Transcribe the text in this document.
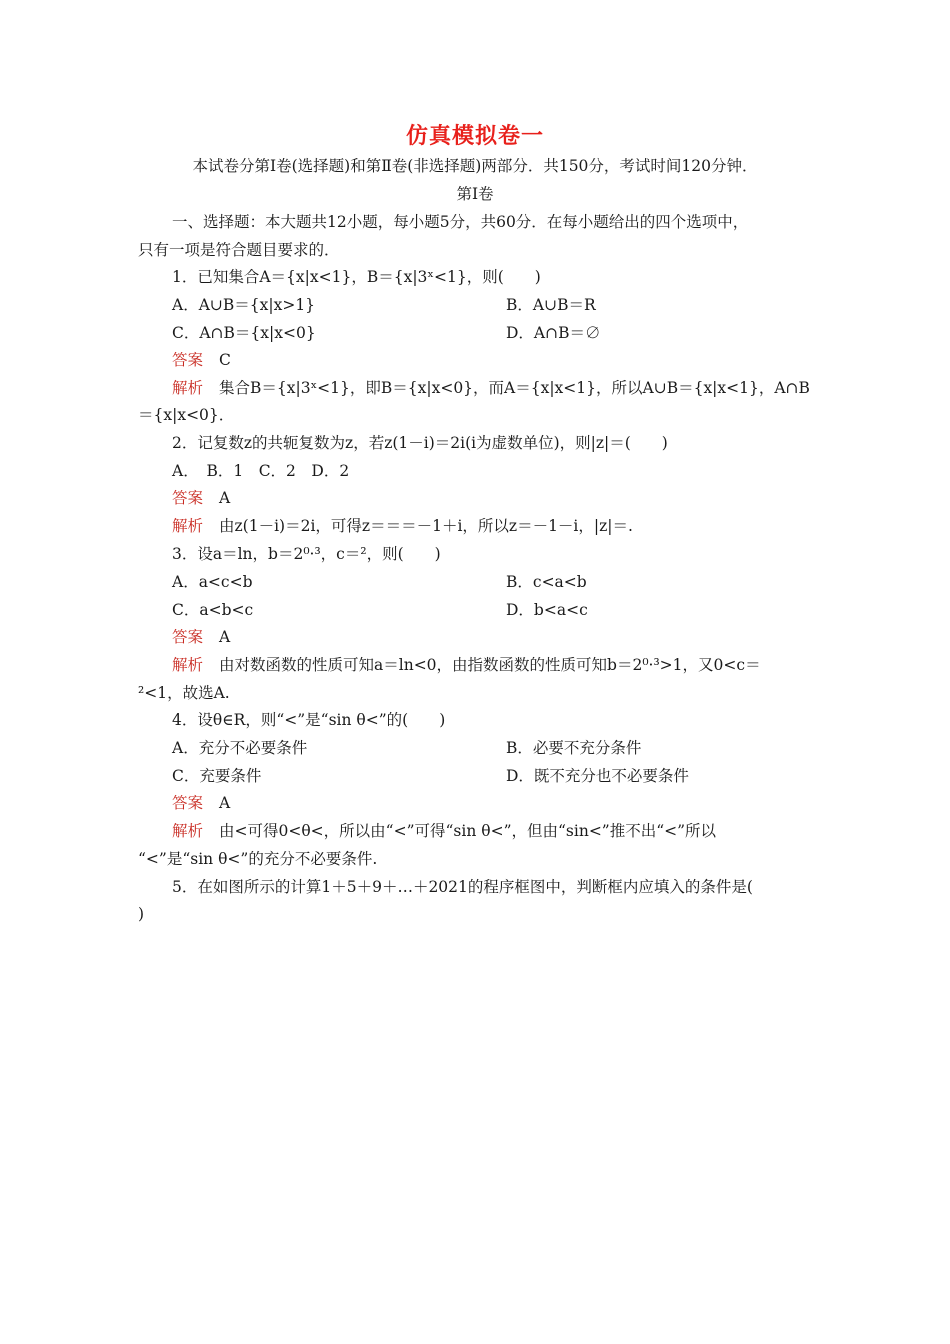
仿真模拟卷一
本试卷分第Ⅰ卷(选择题)和第Ⅱ卷(非选择题)两部分．共150分，考试时间120分钟．
第Ⅰ卷
一、选择题：本大题共12小题，每小题5分，共60分．在每小题给出的四个选项中，
只有一项是符合题目要求的．
1．已知集合A＝{x|x<1}，B＝{x|3ˣ<1}，则(　　)
A．A∪B＝{x|x>1}	B．A∪B＝R
C．A∩B＝{x|x<0}	D．A∩B＝∅
答案 C
解析 集合B＝{x|3ˣ<1}，即B＝{x|x<0}，而A＝{x|x<1}，所以A∪B＝{x|x<1}，A∩B
＝{x|x<0}．
2．记复数z的共轭复数为z，若z(1－i)＝2i(i为虚数单位)，则|z|＝(　　)
A．　B．1　C．2　D．2
答案 A
解析 由z(1－i)＝2i，可得z＝＝＝－1＋i，所以z＝－1－i，|z|＝.
3．设a＝ln，b＝2⁰·³，c＝²，则(　　)
A．a<c<b	B．c<a<b
C．a<b<c	D．b<a<c
答案 A
解析 由对数函数的性质可知a＝ln<0，由指数函数的性质可知b＝2⁰·³>1，又0<c＝
²<1，故选A.
4．设θ∈R，则“<”是“sin θ<”的(　　)
A．充分不必要条件	B．必要不充分条件
C．充要条件	D．既不充分也不必要条件
答案 A
解析 由<可得0<θ<，所以由“<”可得“sin θ<”，但由“sin<”推不出“<”所以
“<”是“sin θ<”的充分不必要条件.
5．在如图所示的计算1＋5＋9＋…＋2021的程序框图中，判断框内应填入的条件是(
)
